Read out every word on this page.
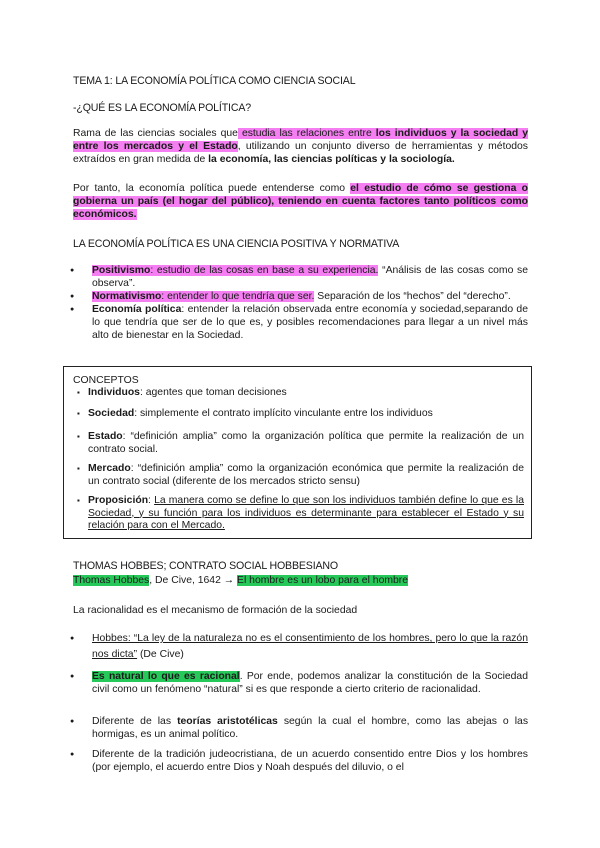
TEMA 1: LA ECONOMÍA POLÍTICA COMO CIENCIA SOCIAL
-¿QUÉ ES LA ECONOMÍA POLÍTICA?
Rama de las ciencias sociales que estudia las relaciones entre los individuos y la sociedad y entre los mercados y el Estado, utilizando un conjunto diverso de herramientas y métodos extraídos en gran medida de la economía, las ciencias políticas y la sociología.
Por tanto, la economía política puede entenderse como el estudio de cómo se gestiona o gobierna un país (el hogar del público), teniendo en cuenta factores tanto políticos como económicos.
LA ECONOMÍA POLÍTICA ES UNA CIENCIA POSITIVA Y NORMATIVA
● Positivismo: estudio de las cosas en base a su experiencia. “Análisis de las cosas como se observa”.
● Normativismo: entender lo que tendría que ser. Separación de los “hechos” del “derecho”.
● Economía política: entender la relación observada entre economía y sociedad,separando de lo que tendría que ser de lo que es, y posibles recomendaciones para llegar a un nivel más alto de bienestar en la Sociedad.
CONCEPTOS
▪ Individuos: agentes que toman decisiones
▪ Sociedad: simplemente el contrato implícito vinculante entre los individuos
▪ Estado: “definición amplia” como la organización política que permite la realización de un contrato social.
▪ Mercado: “definición amplia” como la organización económica que permite la realización de un contrato social (diferente de los mercados stricto sensu)
▪ Proposición: La manera como se define lo que son los individuos también define lo que es la Sociedad, y su función para los individuos es determinante para establecer el Estado y su relación para con el Mercado.
THOMAS HOBBES; CONTRATO SOCIAL HOBBESIANO
Thomas Hobbes, De Cive, 1642 → El hombre es un lobo para el hombre
La racionalidad es el mecanismo de formación de la sociedad
● Hobbes: “La ley de la naturaleza no es el consentimiento de los hombres, pero lo que la razón nos dicta” (De Cive)
● Es natural lo que es racional. Por ende, podemos analizar la constitución de la Sociedad civil como un fenómeno “natural” si es que responde a cierto criterio de racionalidad.
● Diferente de las teorías aristotélicas según la cual el hombre, como las abejas o las hormigas, es un animal político.
● Diferente de la tradición judeocristiana, de un acuerdo consentido entre Dios y los hombres (por ejemplo, el acuerdo entre Dios y Noah después del diluvio, o el
